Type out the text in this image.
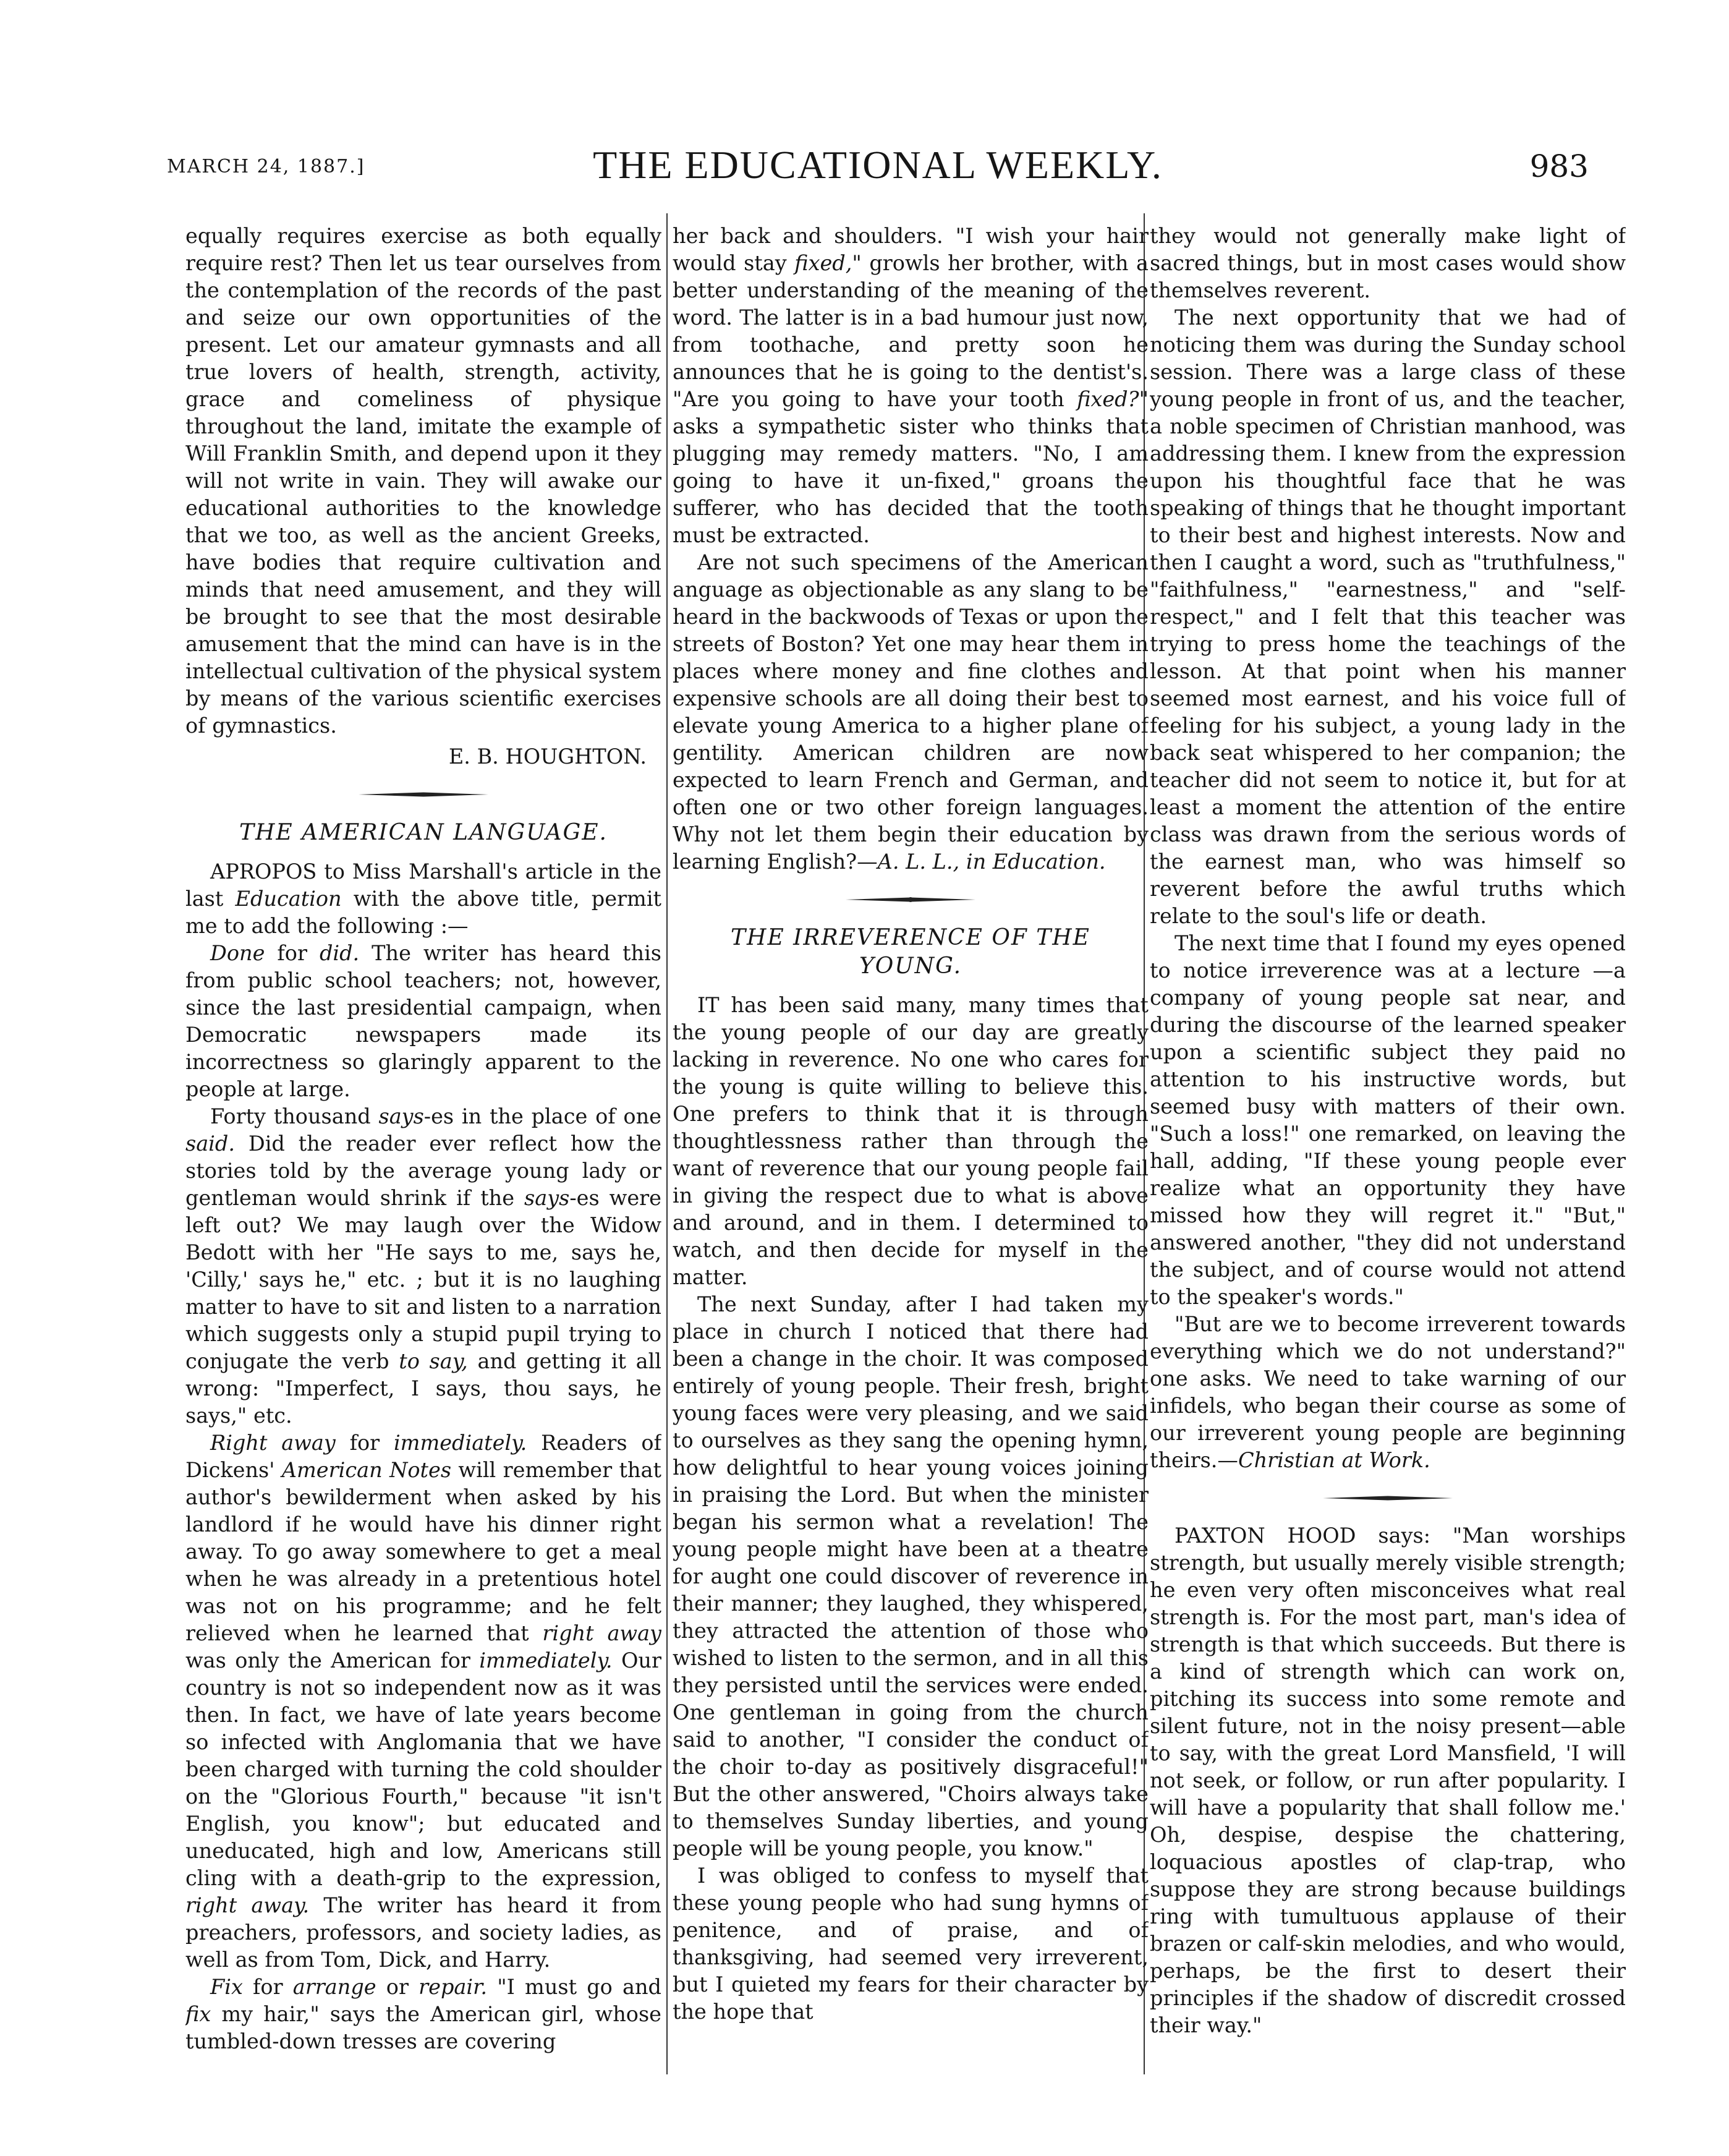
MARCH 24, 1887.]	THE EDUCATIONAL WEEKLY.	983

equally requires exercise as both equally require rest? Then let us tear ourselves from the contemplation of the records of the past and seize our own opportunities of the present. Let our amateur gymnasts and all true lovers of health, strength, activity, grace and comeliness of physique throughout the land, imitate the example of Will Franklin Smith, and depend upon it they will not write in vain. They will awake our educational authorities to the knowledge that we too, as well as the ancient Greeks, have bodies that require cultivation and minds that need amusement, and they will be brought to see that the most desirable amusement that the mind can have is in the intellectual cultivation of the physical system by means of the various scientific exercises of gymnastics.

E. B. HOUGHTON.

THE AMERICAN LANGUAGE.

APROPOS to Miss Marshall's article in the last Education with the above title, permit me to add the following :—

Done for did. The writer has heard this from public school teachers; not, however, since the last presidential campaign, when Democratic newspapers made its incorrectness so glaringly apparent to the people at large.

Forty thousand says-es in the place of one said. Did the reader ever reflect how the stories told by the average young lady or gentleman would shrink if the says-es were left out? We may laugh over the Widow Bedott with her "He says to me, says he, 'Cilly,' says he," etc. ; but it is no laughing matter to have to sit and listen to a narration which suggests only a stupid pupil trying to conjugate the verb to say, and getting it all wrong: "Imperfect, I says, thou says, he says," etc.

Right away for immediately. Readers of Dickens' American Notes will remember that author's bewilderment when asked by his landlord if he would have his dinner right away. To go away somewhere to get a meal when he was already in a pretentious hotel was not on his programme; and he felt relieved when he learned that right away was only the American for immediately. Our country is not so independent now as it was then. In fact, we have of late years become so infected with Anglomania that we have been charged with turning the cold shoulder on the "Glorious Fourth," because "it isn't English, you know"; but educated and uneducated, high and low, Americans still cling with a death-grip to the expression, right away. The writer has heard it from preachers, professors, and society ladies, as well as from Tom, Dick, and Harry.

Fix for arrange or repair. "I must go and fix my hair," says the American girl, whose tumbled-down tresses are covering

her back and shoulders. "I wish your hair would stay fixed," growls her brother, with a better understanding of the meaning of the word. The latter is in a bad humour just now, from toothache, and pretty soon he announces that he is going to the dentist's. "Are you going to have your tooth fixed?" asks a sympathetic sister who thinks that plugging may remedy matters. "No, I am going to have it un-fixed," groans the sufferer, who has decided that the tooth must be extracted.

Are not such specimens of the American anguage as objectionable as any slang to be heard in the backwoods of Texas or upon the streets of Boston? Yet one may hear them in places where money and fine clothes and expensive schools are all doing their best to elevate young America to a higher plane of gentility. American children are now expected to learn French and German, and often one or two other foreign languages. Why not let them begin their education by learning English?—A. L. L., in Education.

THE IRREVERENCE OF THE YOUNG.

IT has been said many, many times that the young people of our day are greatly lacking in reverence. No one who cares for the young is quite willing to believe this. One prefers to think that it is through thoughtlessness rather than through the want of reverence that our young people fail in giving the respect due to what is above and around, and in them. I determined to watch, and then decide for myself in the matter.

The next Sunday, after I had taken my place in church I noticed that there had been a change in the choir. It was composed entirely of young people. Their fresh, bright young faces were very pleasing, and we said to ourselves as they sang the opening hymn, how delightful to hear young voices joining in praising the Lord. But when the minister began his sermon what a revelation! The young people might have been at a theatre for aught one could discover of reverence in their manner; they laughed, they whispered, they attracted the attention of those who wished to listen to the sermon, and in all this they persisted until the services were ended. One gentleman in going from the church said to another, "I consider the conduct of the choir to-day as positively disgraceful!" But the other answered, "Choirs always take to themselves Sunday liberties, and young people will be young people, you know."

I was obliged to confess to myself that these young people who had sung hymns of penitence, and of praise, and of thanksgiving, had seemed very irreverent, but I quieted my fears for their character by the hope that

they would not generally make light of sacred things, but in most cases would show themselves reverent.

The next opportunity that we had of noticing them was during the Sunday school session. There was a large class of these young people in front of us, and the teacher, a noble specimen of Christian manhood, was addressing them. I knew from the expression upon his thoughtful face that he was speaking of things that he thought important to their best and highest interests. Now and then I caught a word, such as "truthfulness," "faithfulness," "earnestness," and "self-respect," and I felt that this teacher was trying to press home the teachings of the lesson. At that point when his manner seemed most earnest, and his voice full of feeling for his subject, a young lady in the back seat whispered to her companion; the teacher did not seem to notice it, but for at least a moment the attention of the entire class was drawn from the serious words of the earnest man, who was himself so reverent before the awful truths which relate to the soul's life or death.

The next time that I found my eyes opened to notice irreverence was at a lecture —a company of young people sat near, and during the discourse of the learned speaker upon a scientific subject they paid no attention to his instructive words, but seemed busy with matters of their own. "Such a loss!" one remarked, on leaving the hall, adding, "If these young people ever realize what an opportunity they have missed how they will regret it." "But," answered another, "they did not understand the subject, and of course would not attend to the speaker's words."

"But are we to become irreverent towards everything which we do not understand?" one asks. We need to take warning of our infidels, who began their course as some of our irreverent young people are beginning theirs.—Christian at Work.

PAXTON HOOD says: "Man worships strength, but usually merely visible strength; he even very often misconceives what real strength is. For the most part, man's idea of strength is that which succeeds. But there is a kind of strength which can work on, pitching its success into some remote and silent future, not in the noisy present—able to say, with the great Lord Mansfield, 'I will not seek, or follow, or run after popularity. I will have a popularity that shall follow me.' Oh, despise, despise the chattering, loquacious apostles of clap-trap, who suppose they are strong because buildings ring with tumultuous applause of their brazen or calf-skin melodies, and who would, perhaps, be the first to desert their principles if the shadow of discredit crossed their way."
